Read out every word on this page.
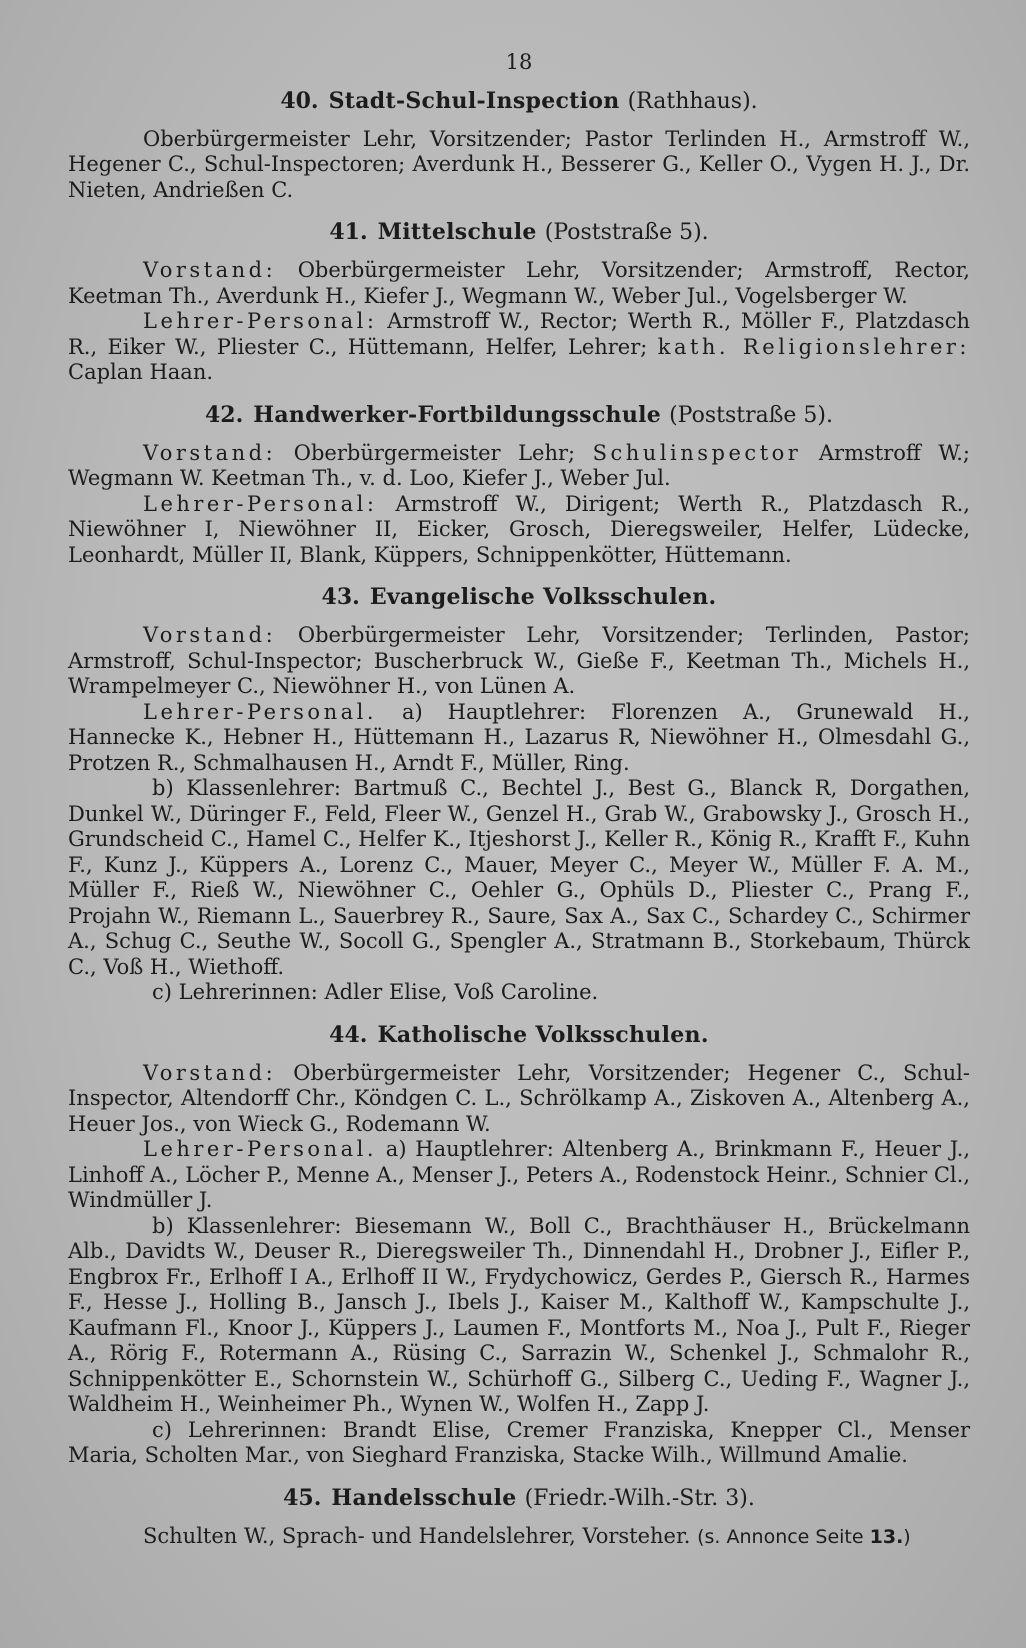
18
40. Stadt-Schul-Inspection (Rathhaus).

Oberbürgermeister Lehr, Vorsitzender; Pastor Terlinden H., Armstroff W., Hegener C., Schul-Inspectoren; Averdunk H., Besserer G., Keller O., Vygen H. J., Dr. Nieten, Andrießen C.

41. Mittelschule (Poststraße 5).

Vorstand: Oberbürgermeister Lehr, Vorsitzender; Armstroff, Rector, Keetman Th., Averdunk H., Kiefer J., Wegmann W., Weber Jul., Vogelsberger W.

Lehrer-Personal: Armstroff W., Rector; Werth R., Möller F., Platzdasch R., Eiker W., Pliester C., Hüttemann, Helfer, Lehrer; kath. Religionslehrer: Caplan Haan.

42. Handwerker-Fortbildungsschule (Poststraße 5).

Vorstand: Oberbürgermeister Lehr; Schulinspector Armstroff W.; Wegmann W. Keetman Th., v. d. Loo, Kiefer J., Weber Jul.

Lehrer-Personal: Armstroff W., Dirigent; Werth R., Platzdasch R., Niewöhner I, Niewöhner II, Eicker, Grosch, Dieregsweiler, Helfer, Lüdecke, Leonhardt, Müller II, Blank, Küppers, Schnippenkötter, Hüttemann.

43. Evangelische Volksschulen.

Vorstand: Oberbürgermeister Lehr, Vorsitzender; Terlinden, Pastor; Armstroff, Schul-Inspector; Buscherbruck W., Gieße F., Keetman Th., Michels H., Wrampelmeyer C., Niewöhner H., von Lünen A.

Lehrer-Personal. a) Hauptlehrer: Florenzen A., Grunewald H., Hannecke K., Hebner H., Hüttemann H., Lazarus R, Niewöhner H., Olmesdahl G., Protzen R., Schmalhausen H., Arndt F., Müller, Ring.

b) Klassenlehrer: Bartmuß C., Bechtel J., Best G., Blanck R, Dorgathen, Dunkel W., Düringer F., Feld, Fleer W., Genzel H., Grab W., Grabowsky J., Grosch H., Grundscheid C., Hamel C., Helfer K., Itjeshorst J., Keller R., König R., Krafft F., Kuhn F., Kunz J., Küppers A., Lorenz C., Mauer, Meyer C., Meyer W., Müller F. A. M., Müller F., Rieß W., Niewöhner C., Oehler G., Ophüls D., Pliester C., Prang F., Projahn W., Riemann L., Sauerbrey R., Saure, Sax A., Sax C., Schardey C., Schirmer A., Schug C., Seuthe W., Socoll G., Spengler A., Stratmann B., Storkebaum, Thürck C., Voß H., Wiethoff.

c) Lehrerinnen: Adler Elise, Voß Caroline.

44. Katholische Volksschulen.

Vorstand: Oberbürgermeister Lehr, Vorsitzender; Hegener C., Schul-Inspector, Altendorff Chr., Köndgen C. L., Schrölkamp A., Ziskoven A., Altenberg A., Heuer Jos., von Wieck G., Rodemann W.

Lehrer-Personal. a) Hauptlehrer: Altenberg A., Brinkmann F., Heuer J., Linhoff A., Löcher P., Menne A., Menser J., Peters A., Rodenstock Heinr., Schnier Cl., Windmüller J.

b) Klassenlehrer: Biesemann W., Boll C., Brachthäuser H., Brückelmann Alb., Davidts W., Deuser R., Dieregsweiler Th., Dinnendahl H., Drobner J., Eifler P., Engbrox Fr., Erlhoff I A., Erlhoff II W., Frydychowicz, Gerdes P., Giersch R., Harmes F., Hesse J., Holling B., Jansch J., Ibels J., Kaiser M., Kalthoff W., Kampschulte J., Kaufmann Fl., Knoor J., Küppers J., Laumen F., Montforts M., Noa J., Pult F., Rieger A., Rörig F., Rotermann A., Rüsing C., Sarrazin W., Schenkel J., Schmalohr R., Schnippenkötter E., Schornstein W., Schürhoff G., Silberg C., Ueding F., Wagner J., Waldheim H., Weinheimer Ph., Wynen W., Wolfen H., Zapp J.

c) Lehrerinnen: Brandt Elise, Cremer Franziska, Knepper Cl., Menser Maria, Scholten Mar., von Sieghard Franziska, Stacke Wilh., Willmund Amalie.

45. Handelsschule (Friedr.-Wilh.-Str. 3).

Schulten W., Sprach- und Handelslehrer, Vorsteher. (s. Annonce Seite 13.)
